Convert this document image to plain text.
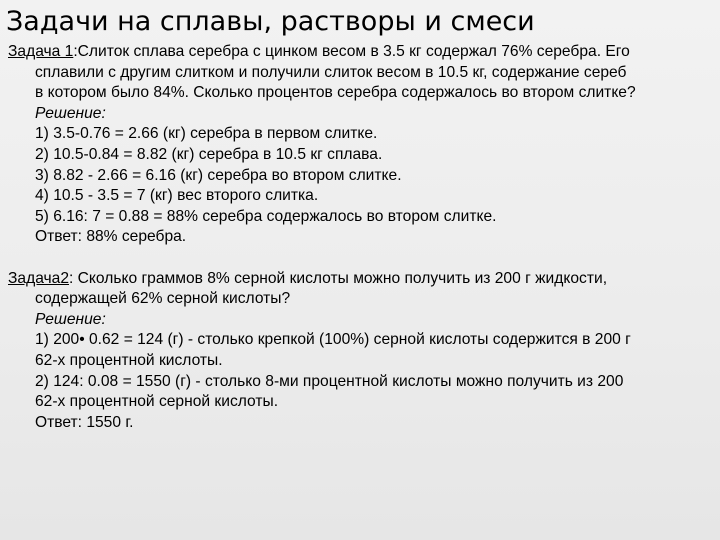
Задачи на сплавы, растворы и смеси
Задача 1:Слиток сплава серебра с цинком весом в 3.5 кг содержал 76% серебра. Его
сплавили с другим слитком и получили слиток весом в 10.5 кг, содержание сереб
в котором было 84%. Сколько процентов серебра содержалось во втором слитке?
Решение:
1) 3.5-0.76 = 2.66 (кг) серебра в первом слитке.
2) 10.5-0.84 = 8.82 (кг) серебра в 10.5 кг сплава.
3) 8.82 - 2.66 = 6.16 (кг) серебра во втором слитке.
4) 10.5 - 3.5 = 7 (кг) вес второго слитка.
5) 6.16: 7 = 0.88 = 88% серебра содержалось во втором слитке.
Ответ: 88% серебра.
Задача2: Сколько граммов 8% серной кислоты можно получить из 200 г жидкости,
содержащей 62% серной кислоты?
Решение:
1) 200• 0.62 = 124 (г) - столько крепкой (100%) серной кислоты содержится в 200 г
62-х процентной кислоты.
2) 124: 0.08 = 1550 (г) - столько 8-ми процентной кислоты можно получить из 200
62-х процентной серной кислоты.
Ответ: 1550 г.
